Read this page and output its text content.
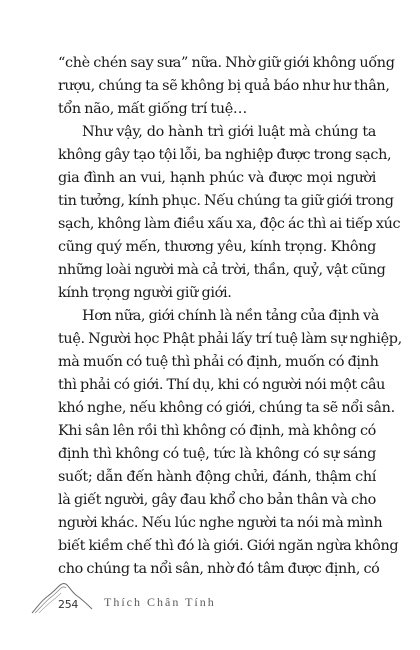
“chè chén say sưa” nữa. Nhờ giữ giới không uống
rượu, chúng ta sẽ không bị quả báo như hư thân,
tổn não, mất giống trí tuệ…
Như vậy, do hành trì giới luật mà chúng ta
không gây tạo tội lỗi, ba nghiệp được trong sạch,
gia đình an vui, hạnh phúc và được mọi người
tin tưởng, kính phục. Nếu chúng ta giữ giới trong
sạch, không làm điều xấu xa, độc ác thì ai tiếp xúc
cũng quý mến, thương yêu, kính trọng. Không
những loài người mà cả trời, thần, quỷ, vật cũng
kính trọng người giữ giới.
Hơn nữa, giới chính là nền tảng của định và
tuệ. Người học Phật phải lấy trí tuệ làm sự nghiệp,
mà muốn có tuệ thì phải có định, muốn có định
thì phải có giới. Thí dụ, khi có người nói một câu
khó nghe, nếu không có giới, chúng ta sẽ nổi sân.
Khi sân lên rồi thì không có định, mà không có
định thì không có tuệ, tức là không có sự sáng
suốt; dẫn đến hành động chửi, đánh, thậm chí
là giết người, gây đau khổ cho bản thân và cho
người khác. Nếu lúc nghe người ta nói mà mình
biết kiềm chế thì đó là giới. Giới ngăn ngừa không
cho chúng ta nổi sân, nhờ đó tâm được định, có
254 Thích Chân Tính
